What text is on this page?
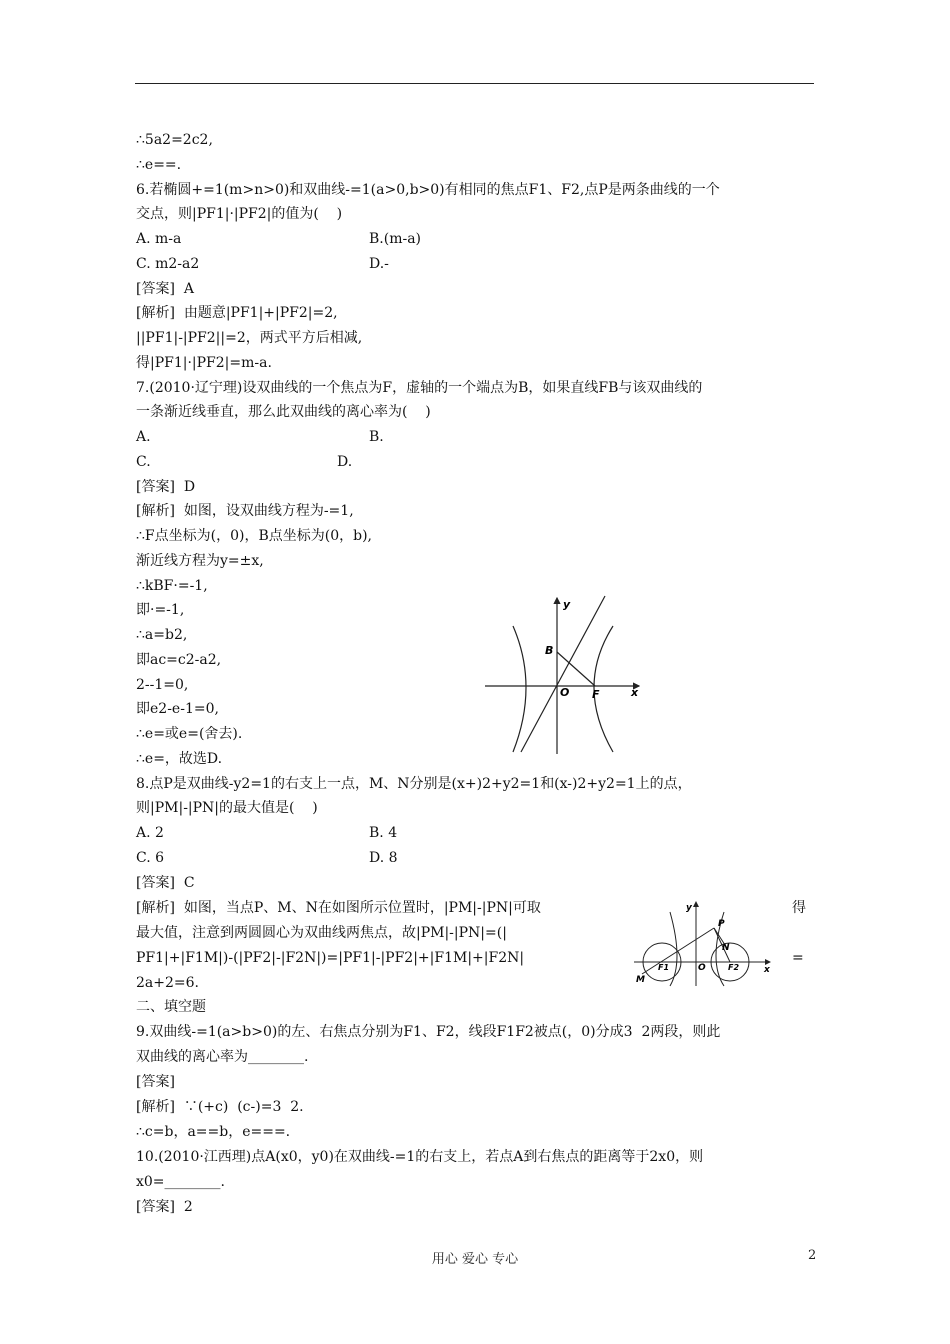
∴5a2=2c2,
∴e==.
6.若椭圆+=1(m>n>0)和双曲线-=1(a>0,b>0)有相同的焦点F1、F2,点P是两条曲线的一个
交点，则|PF1|·|PF2|的值为(    )
A. m-a	B.(m-a)
C. m2-a2	D.-
[答案]  A
[解析]  由题意|PF1|+|PF2|=2,
||PF1|-|PF2||=2，两式平方后相减,
得|PF1|·|PF2|=m-a.
7.(2010·辽宁理)设双曲线的一个焦点为F，虚轴的一个端点为B，如果直线FB与该双曲线的
一条渐近线垂直，那么此双曲线的离心率为(    )
A.	B.
C.	D.
[答案]  D
[解析]  如图，设双曲线方程为-=1,
∴F点坐标为(，0)，B点坐标为(0，b),
渐近线方程为y=±x,
∴kBF·=-1,
即·=-1,
∴a=b2,
即ac=c2-a2,
2--1=0,
即e2-e-1=0,
∴e=或e=(舍去).
∴e=，故选D.
8.点P是双曲线-y2=1的右支上一点，M、N分别是(x+)2+y2=1和(x-)2+y2=1上的点，
则|PM|-|PN|的最大值是(    )
A. 2	B. 4
C. 6	D. 8
[答案]  C
[解析]  如图，当点P、M、N在如图所示位置时，|PM|-|PN|可取	得
最大值，注意到两圆圆心为双曲线两焦点，故|PM|-|PN|=(|
PF1|+|F1M|)-(|PF2|-|F2N|)=|PF1|-|PF2|+|F1M|+|F2N|	=
2a+2=6.
二、填空题
9.双曲线-=1(a>b>0)的左、右焦点分别为F1、F2，线段F1F2被点(，0)分成3  2两段，则此
双曲线的离心率为________.
[答案]
[解析]  ∵(+c)  (c-)=3  2.
∴c=b，a==b，e===.
10.(2010·江西理)点A(x0，y0)在双曲线-=1的右支上，若点A到右焦点的距离等于2x0，则
x0=________.
[答案]  2
y
x
B
O F
y
x
P
N
M
F1	O	F2
用心 爱心 专心	2
